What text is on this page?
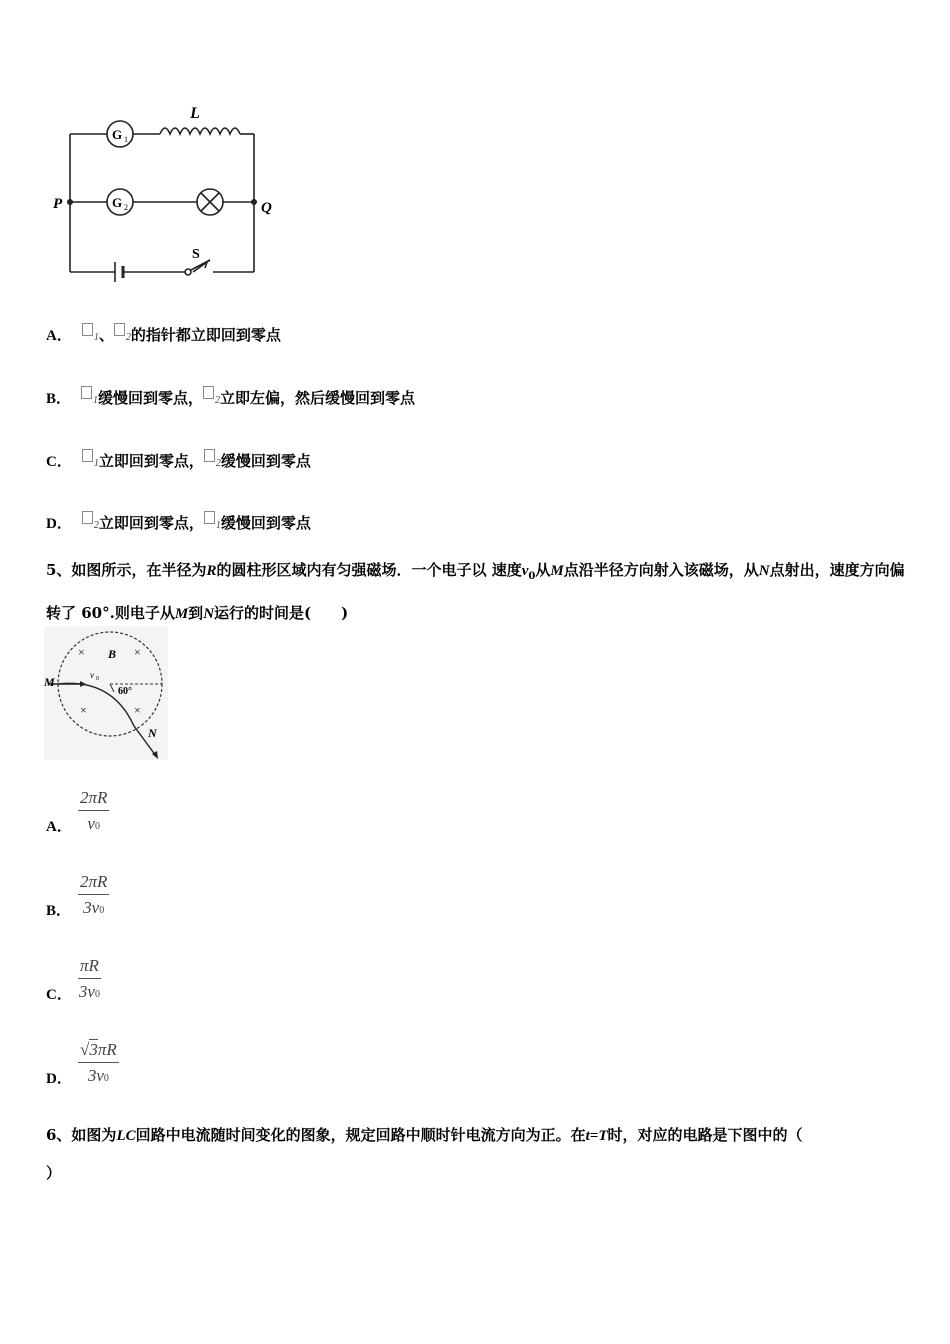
L
G 1
G 2
P	Q
S
A． 1、 2的指针都立即回到零点
B． 1缓慢回到零点， 2立即左偏，然后缓慢回到零点
C． 1立即回到零点， 2缓慢回到零点
D． 2立即回到零点， 1缓慢回到零点
5、如图所示，在半径为R的圆柱形区域内有匀强磁场．一个电子以 速度$v_0$从M点沿半径方向射入该磁场，从N点射出，速度方向偏转了 60°.则电子从M到N运行的时间是(　　)
×	×
×	×
B
M
N
v 0
60°
A． $\frac{2\pi R}{v0}$
B． $\frac{2\pi R}{3v0}$
C． $\frac{\pi R}{3v0}$
D． $\frac{√3\pi R}{3v0}$
6、如图为LC回路中电流随时间变化的图象，规定回路中顺时针电流方向为正。在t=T时，对应的电路是下图中的（
）
